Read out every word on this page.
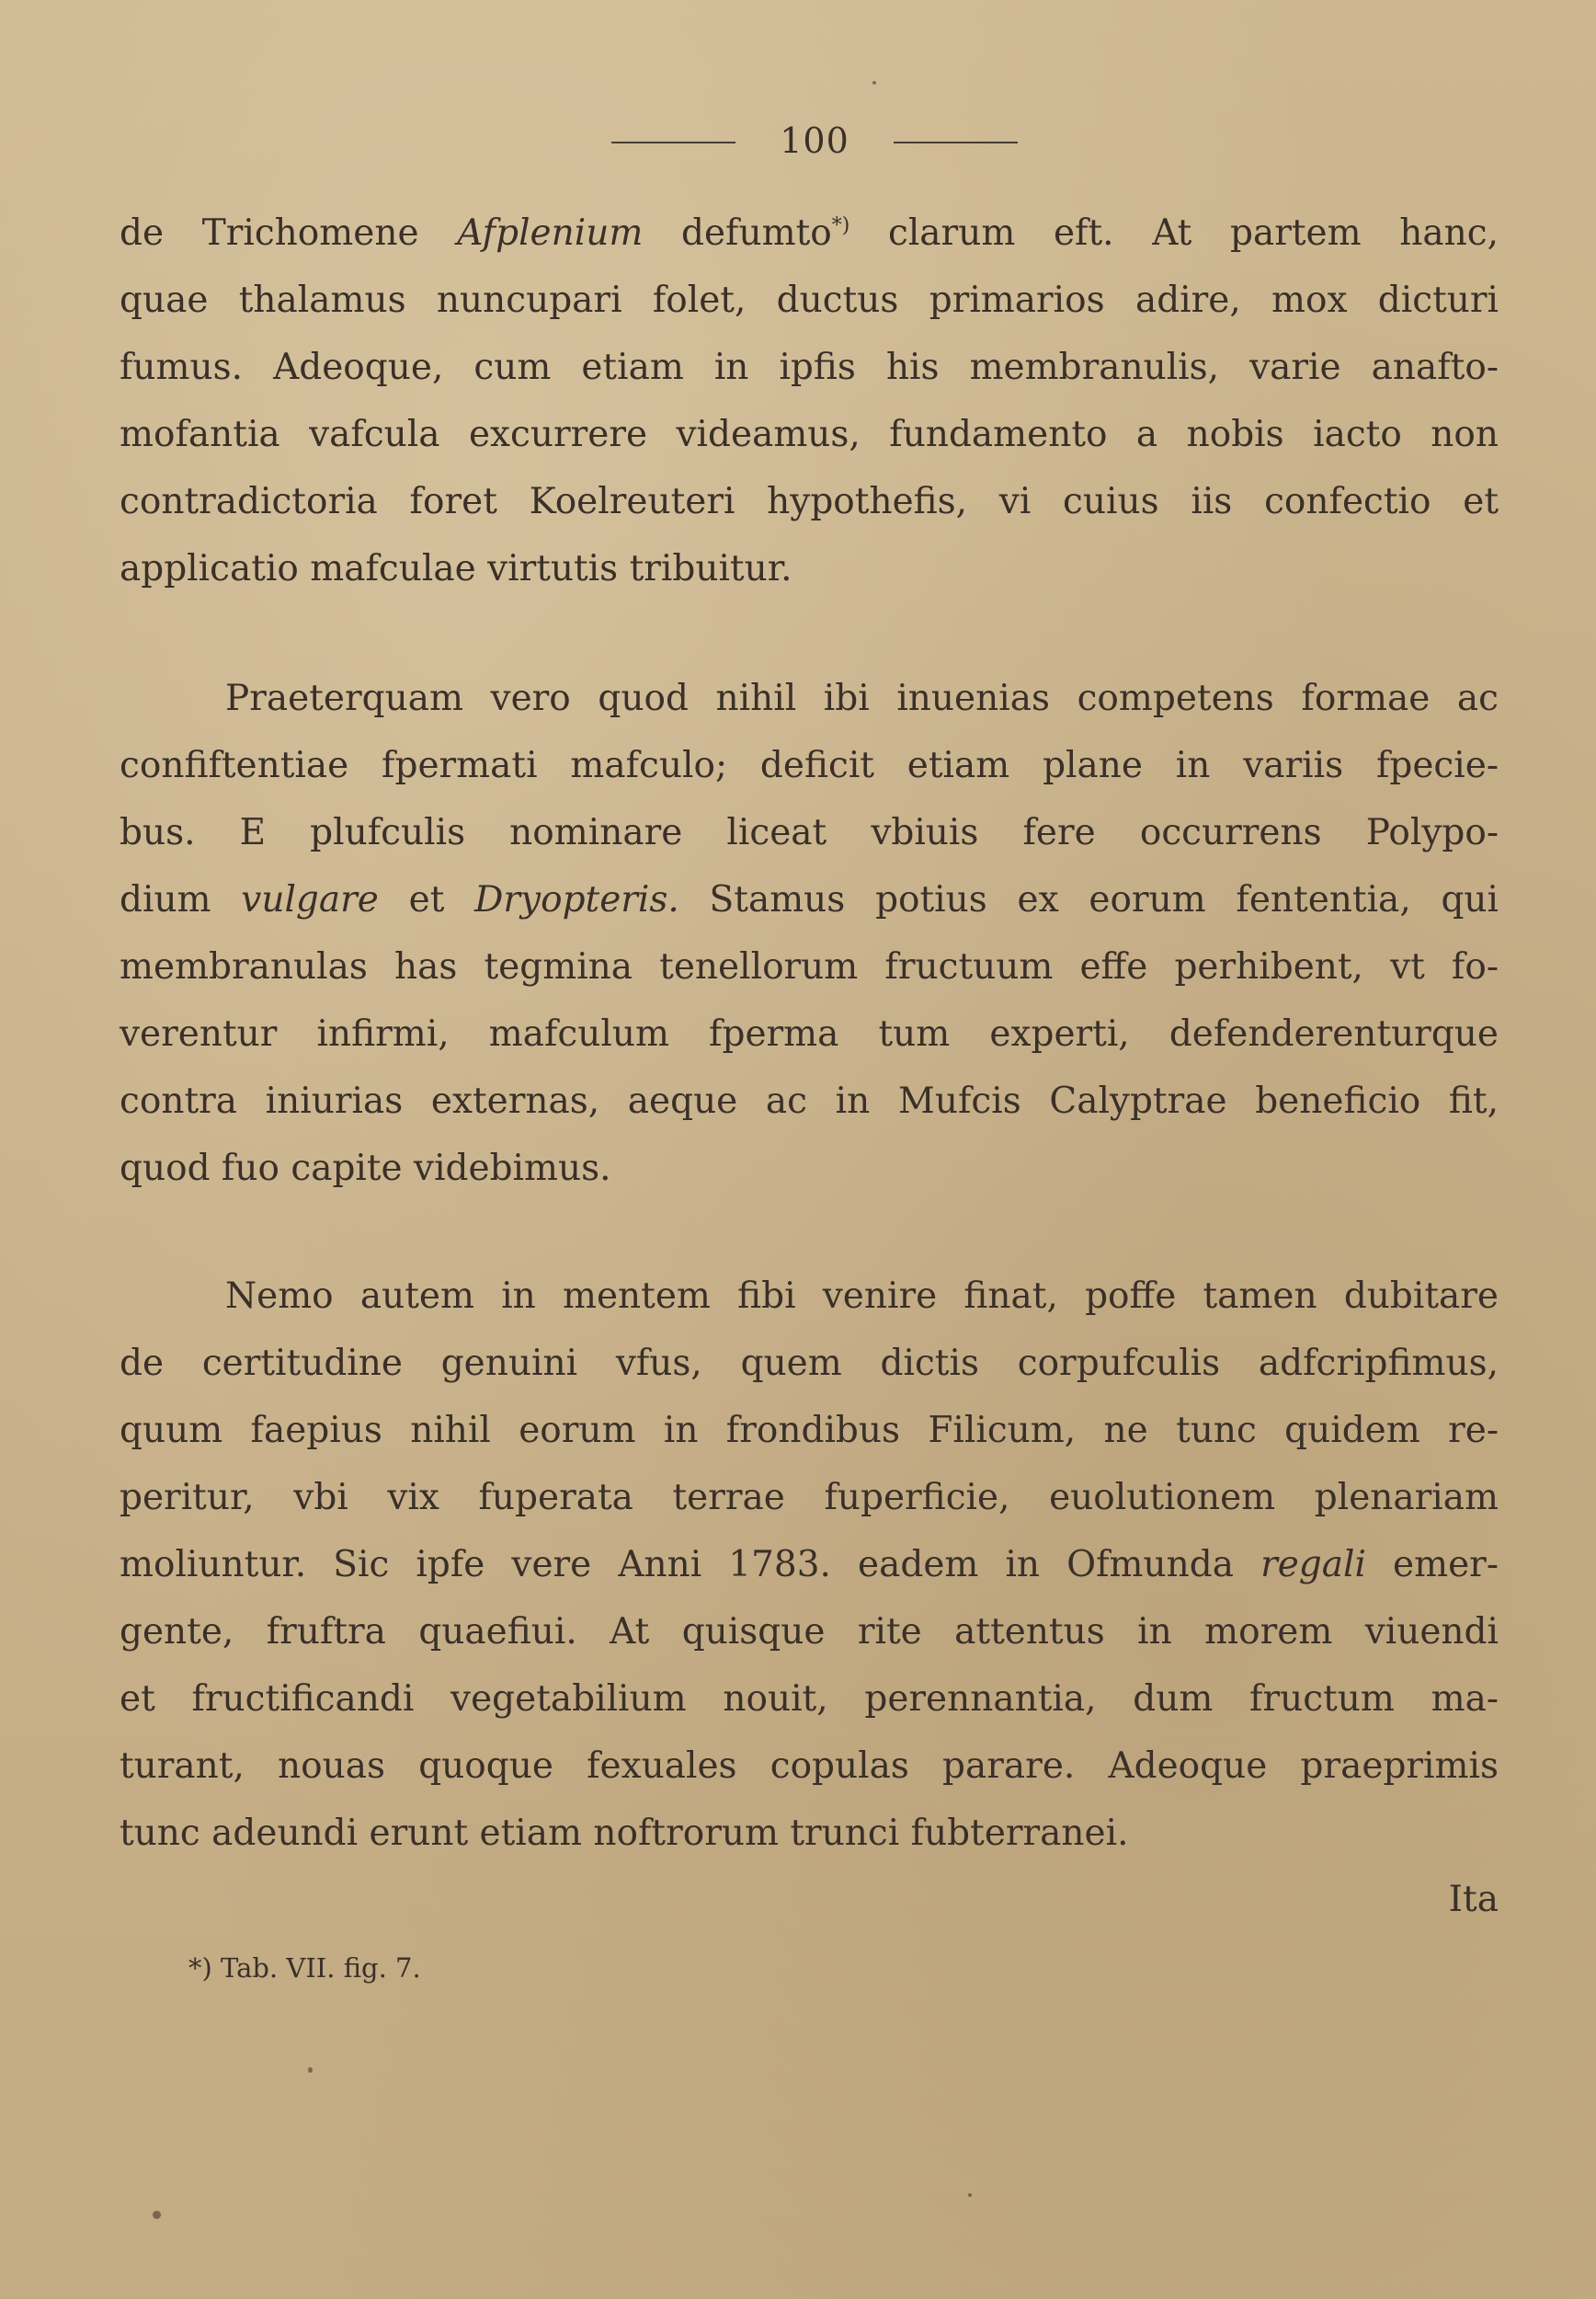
100
de Trichomene Afplenium defumto*) clarum eft. At partem hanc,
quae thalamus nuncupari folet, ductus primarios adire, mox dicturi
fumus. Adeoque, cum etiam in ipfis his membranulis, varie anafto-
mofantia vafcula excurrere videamus, fundamento a nobis iacto non
contradictoria foret Koelreuteri hypothefis, vi cuius iis confectio et
applicatio mafculae virtutis tribuitur.
Praeterquam vero quod nihil ibi inuenias competens formae ac
confiftentiae fpermati mafculo; deficit etiam plane in variis fpecie-
bus. E plufculis nominare liceat vbiuis fere occurrens Polypo-
dium vulgare et Dryopteris. Stamus potius ex eorum fententia, qui
membranulas has tegmina tenellorum fructuum effe perhibent, vt fo-
verentur infirmi, mafculum fperma tum experti, defenderenturque
contra iniurias externas, aeque ac in Mufcis Calyptrae beneficio fit,
quod fuo capite videbimus.
Nemo autem in mentem fibi venire finat, poffe tamen dubitare
de certitudine genuini vfus, quem dictis corpufculis adfcripfimus,
quum faepius nihil eorum in frondibus Filicum, ne tunc quidem re-
peritur, vbi vix fuperata terrae fuperficie, euolutionem plenariam
moliuntur. Sic ipfe vere Anni 1783. eadem in Ofmunda regali emer-
gente, fruftra quaefiui. At quisque rite attentus in morem viuendi
et fructificandi vegetabilium nouit, perennantia, dum fructum ma-
turant, nouas quoque fexuales copulas parare. Adeoque praeprimis
tunc adeundi erunt etiam noftrorum trunci fubterranei.
Ita
*) Tab. VII. fig. 7.
